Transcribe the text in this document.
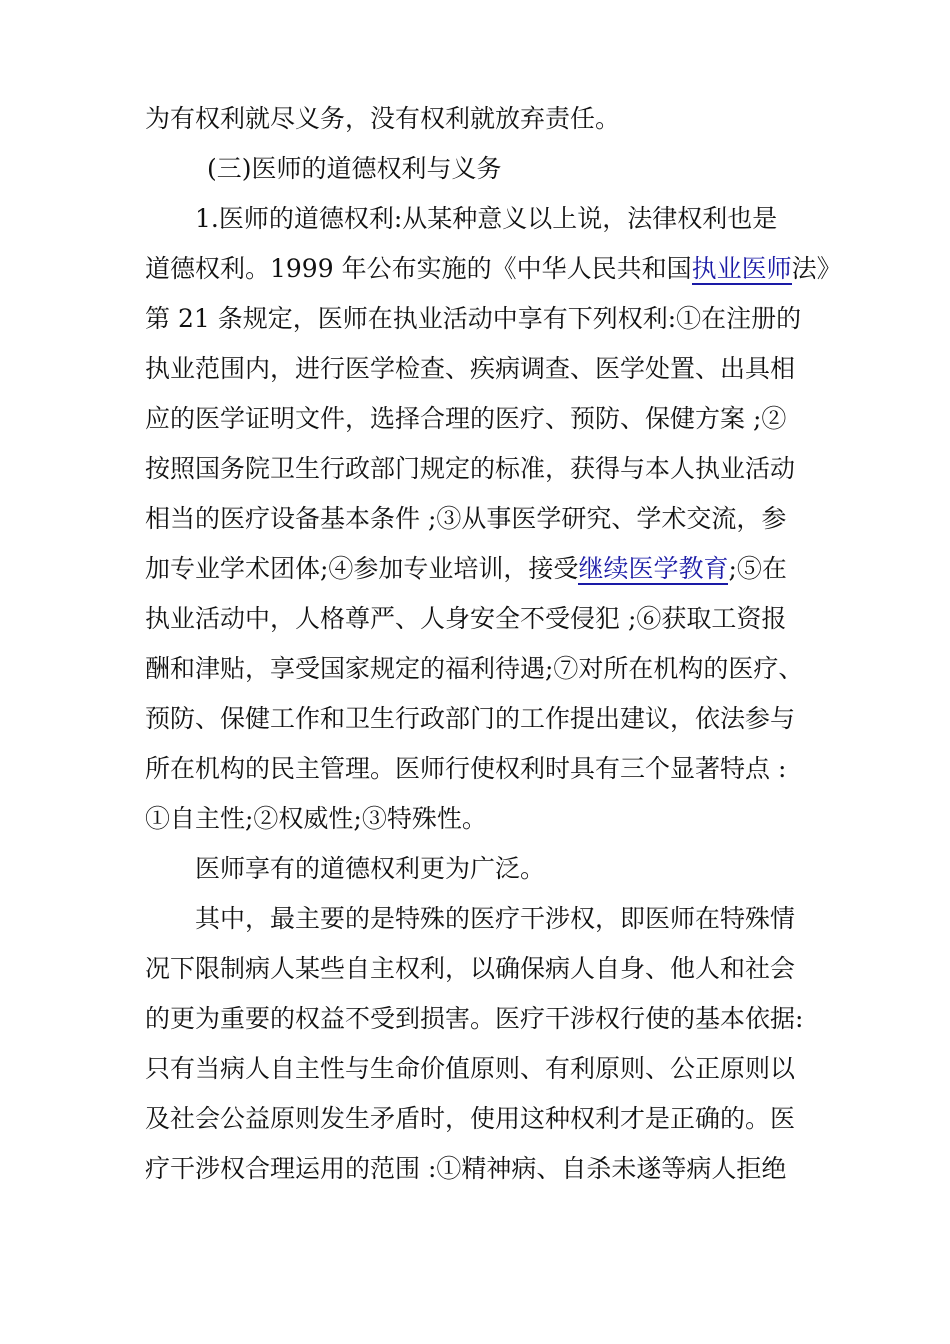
为有权利就尽义务，没有权利就放弃责任。
(三)医师的道德权利与义务
1.医师的道德权利:从某种意义以上说，法律权利也是
道德权利。1999 年公布实施的《中华人民共和国执业医师法》
第 21 条规定，医师在执业活动中享有下列权利:①在注册的
执业范围内，进行医学检查、疾病调查、医学处置、出具相
应的医学证明文件，选择合理的医疗、预防、保健方案 ;②
按照国务院卫生行政部门规定的标准，获得与本人执业活动
相当的医疗设备基本条件 ;③从事医学研究、学术交流，参
加专业学术团体;④参加专业培训，接受继续医学教育;⑤在
执业活动中，人格尊严、人身安全不受侵犯 ;⑥获取工资报
酬和津贴，享受国家规定的福利待遇;⑦对所在机构的医疗、
预防、保健工作和卫生行政部门的工作提出建议，依法参与
所在机构的民主管理。医师行使权利时具有三个显著特点 :
①自主性;②权威性;③特殊性。
医师享有的道德权利更为广泛。
其中，最主要的是特殊的医疗干涉权，即医师在特殊情
况下限制病人某些自主权利，以确保病人自身、他人和社会
的更为重要的权益不受到损害。医疗干涉权行使的基本依据:
只有当病人自主性与生命价值原则、有利原则、公正原则以
及社会公益原则发生矛盾时，使用这种权利才是正确的。医
疗干涉权合理运用的范围 :①精神病、自杀未遂等病人拒绝
